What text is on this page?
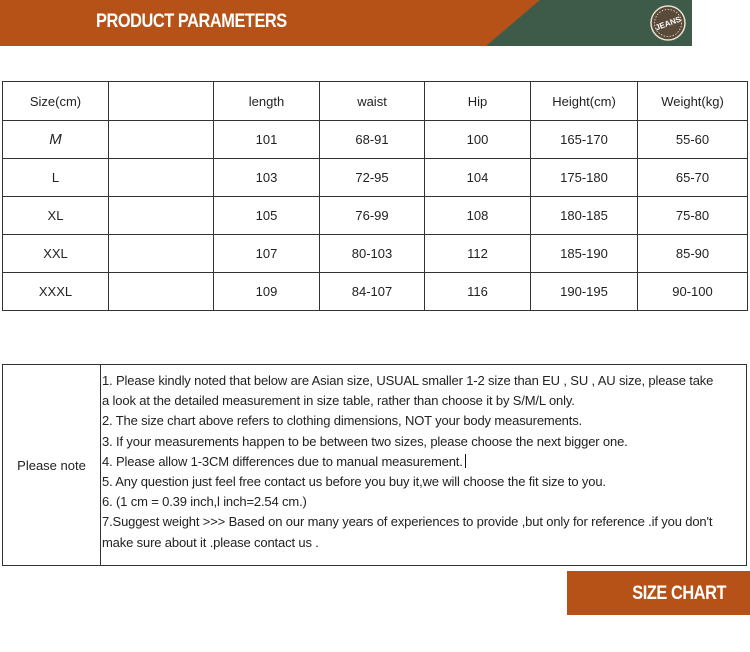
PRODUCT PARAMETERS	JEANS
Size(cm)		length	waist	Hip	Height(cm)	Weight(kg)
M		101	68-91	100	165-170	55-60
L		103	72-95	104	175-180	65-70
XL		105	76-99	108	180-185	75-80
XXL		107	80-103	112	185-190	85-90
XXXL		109	84-107	116	190-195	90-100
Please note	
1. Please kindly noted that below are Asian size, USUAL smaller 1-2 size than EU , SU , AU size, please take
a look at the detailed measurement in size table, rather than choose it by S/M/L only.
2. The size chart above refers to clothing dimensions, NOT your body measurements.
3. If your measurements happen to be between two sizes, please choose the next bigger one.
4. Please allow 1-3CM differences due to manual measurement.
5. Any question just feel free contact us before you buy it,we will choose the fit size to you.
6. (1 cm = 0.39 inch,l inch=2.54 cm.)
7.Suggest weight >>> Based on our many years of experiences to provide ,but only for reference .if you don't
make sure about it .please contact us .
SIZE CHART
